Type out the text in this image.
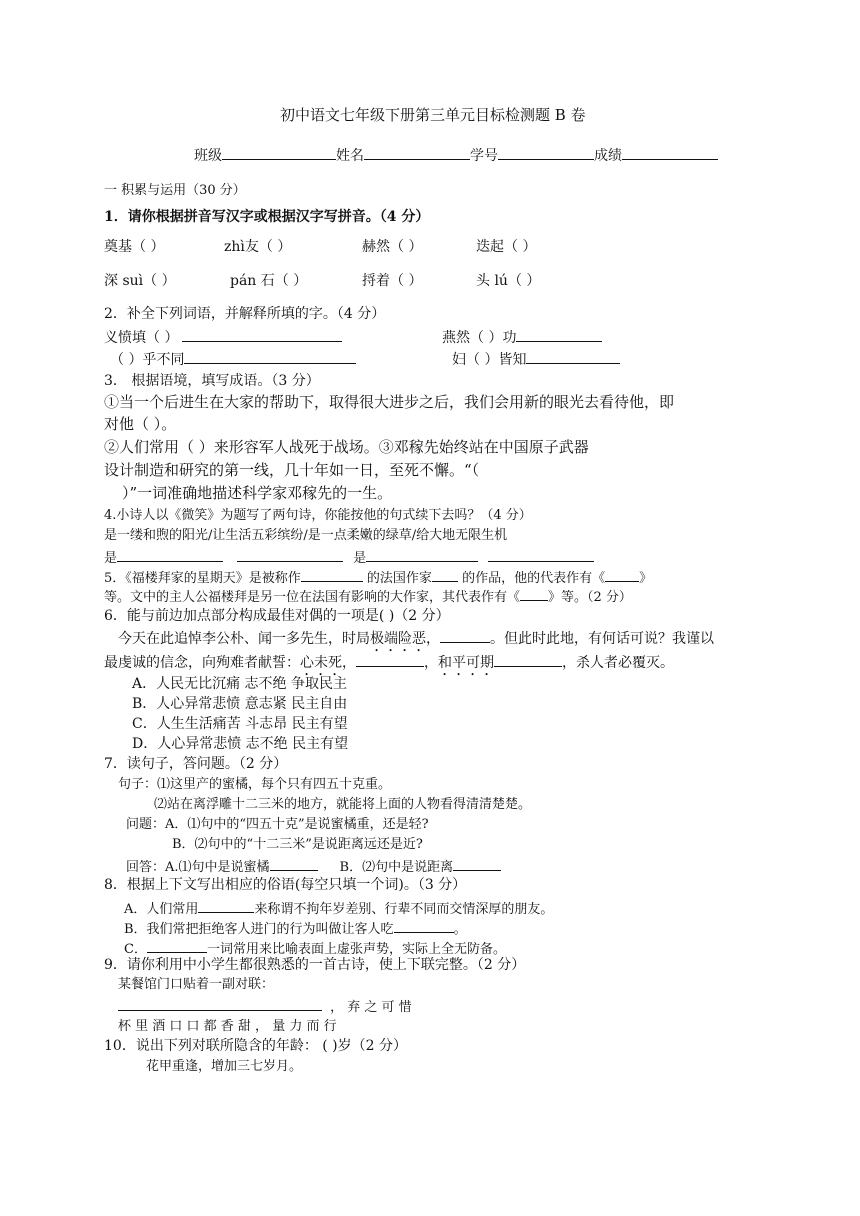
初中语文七年级下册第三单元目标检测题 B 卷
班级	姓名	学号	成绩
一 积累与运用（30 分）
1．请你根据拼音写汉字或根据汉字写拼音。（4 分）
奠基（ ）	zhì友（ ）	赫然（ ）	迭起（ ）
深 suì（ ）	pán 石（ ）	捋着（ ）	头 lú（ ）
2．补全下列词语，并解释所填的字。（4 分）
义愤填（ ）	燕然（ ）功
（ ）乎不同	妇（ ）皆知
3． 根据语境，填写成语。（3 分）
①当一个后进生在大家的帮助下，取得很大进步之后，我们会用新的眼光去看待他，即
对他（ ）。
②人们常用（ ）来形容军人战死于战场。③邓稼先始终站在中国原子武器
设计制造和研究的第一线，几十年如一日，至死不懈。“（
）”一词准确地描述科学家邓稼先的一生。
4.小诗人以《微笑》为题写了两句诗，你能按他的句式续下去吗？（4 分）
是一缕和煦的阳光/让生活五彩缤纷/是一点柔嫩的绿草/给大地无限生机
是	是
5．《福楼拜家的星期天》是被称作	的法国作家 的作品，他的代表作有《	》
等。文中的主人公福楼拜是另一位在法国有影响的大作家，其代表作有《 》等。（2 分）
6．能与前边加点部分构成最佳对偶的一项是( )（2 分）
今天在此追悼李公朴、闻一多先生，时局极端险恶，	。但此时此地，有何话可说？我谨以
最虔诚的信念，向殉难者献誓：心未死，	，和平可期	，杀人者必覆灭。
A．人民无比沉痛 志不绝 争取民主
B．人心异常悲愤 意志紧 民主自由
C．人生生活痛苦 斗志昂 民主有望
D．人心异常悲愤 志不绝 民主有望
7．读句子，答问题。（2 分）
句子：⑴这里产的蜜橘，每个只有四五十克重。
⑵站在离浮雕十二三米的地方，就能将上面的人物看得清清楚楚。
问题：A．⑴句中的“四五十克”是说蜜橘重，还是轻?
B．⑵句中的“十二三米”是说距离远还是近?
回答：A.⑴句中是说蜜橘	B．⑵句中是说距离
8．根据上下文写出相应的俗语(每空只填一个词)。（3 分）
A．人们常用	来称谓不拘年岁差别、行辈不同而交情深厚的朋友。
B．我们常把拒绝客人进门的行为叫做让客人吃	。
C．	一词常用来比喻表面上虚张声势，实际上全无防备。
9．请你利用中小学生都很熟悉的一首古诗，使上下联完整。（2 分）
某餐馆门口贴着一副对联：
， 弃 之 可 惜
杯 里 酒 口 口 都 香 甜 ， 量 力 而 行
10．说出下列对联所隐含的年龄： ( )岁（2 分）
花甲重逢，增加三七岁月。
